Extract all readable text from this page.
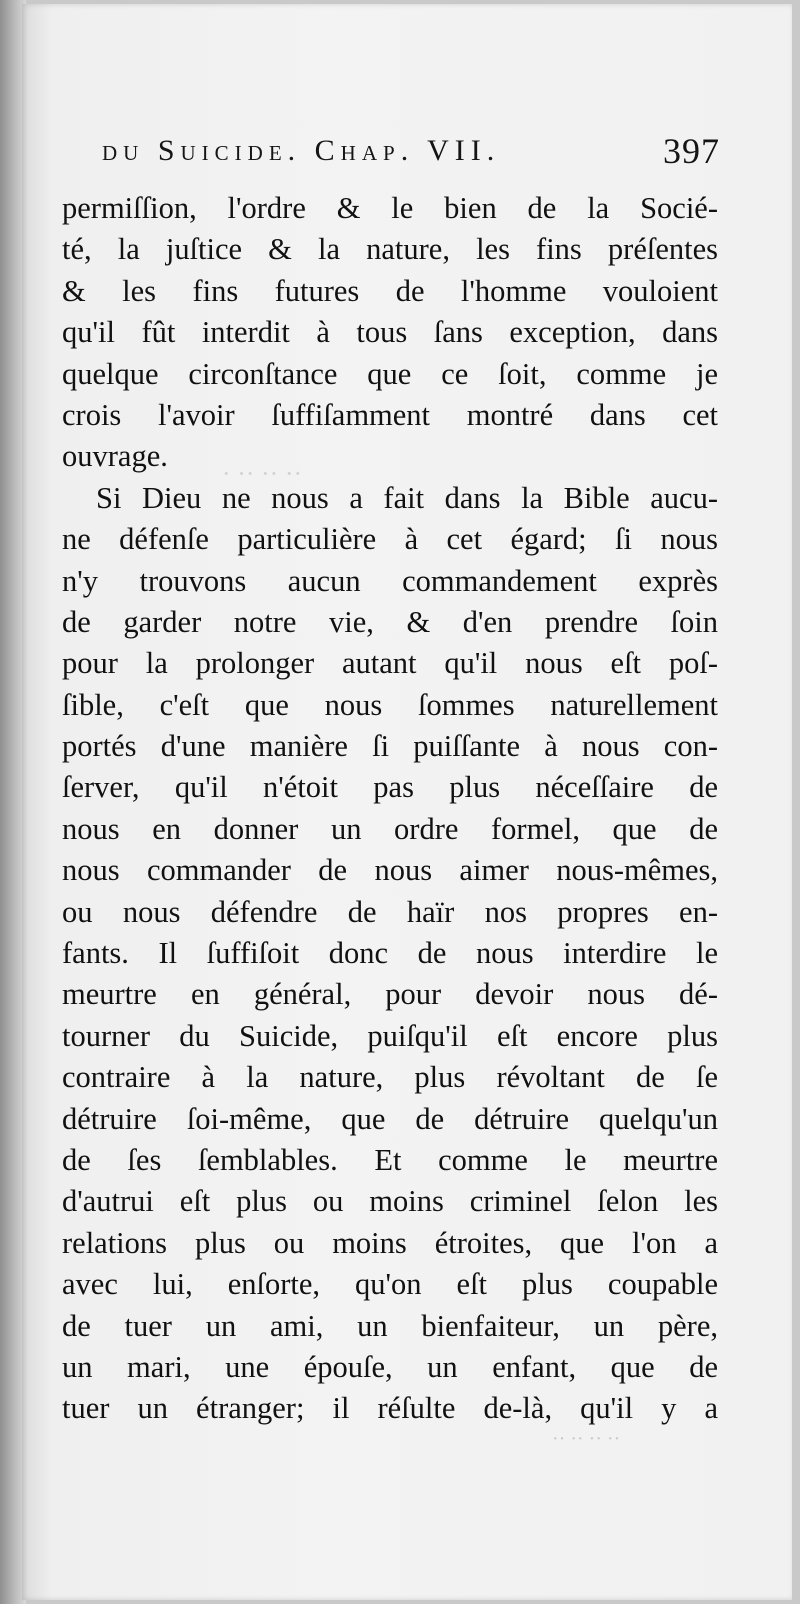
·· ·· ·· ·
·· ·· ·· ··
du Suicide. Chap. VII.	397
permiſſion, l'ordre & le bien de la Socié-
té, la juſtice & la nature, les fins préſentes
& les fins futures de l'homme vouloient
qu'il fût interdit à tous ſans exception, dans
quelque circonſtance que ce ſoit, comme je
crois l'avoir ſuffiſamment montré dans cet
ouvrage.
Si Dieu ne nous a fait dans la Bible aucu-
ne défenſe particulière à cet égard; ſi nous
n'y trouvons aucun commandement exprès
de garder notre vie, & d'en prendre ſoin
pour la prolonger autant qu'il nous eſt poſ-
ſible, c'eſt que nous ſommes naturellement
portés d'une manière ſi puiſſante à nous con-
ſerver, qu'il n'étoit pas plus néceſſaire de
nous en donner un ordre formel, que de
nous commander de nous aimer nous-mêmes,
ou nous défendre de haïr nos propres en-
fants. Il ſuffiſoit donc de nous interdire le
meurtre en général, pour devoir nous dé-
tourner du Suicide, puiſqu'il eſt encore plus
contraire à la nature, plus révoltant de ſe
détruire ſoi-même, que de détruire quelqu'un
de ſes ſemblables. Et comme le meurtre
d'autrui eſt plus ou moins criminel ſelon les
relations plus ou moins étroites, que l'on a
avec lui, enſorte, qu'on eſt plus coupable
de tuer un ami, un bienfaiteur, un père,
un mari, une épouſe, un enfant, que de
tuer un étranger; il réſulte de-là, qu'il y a
